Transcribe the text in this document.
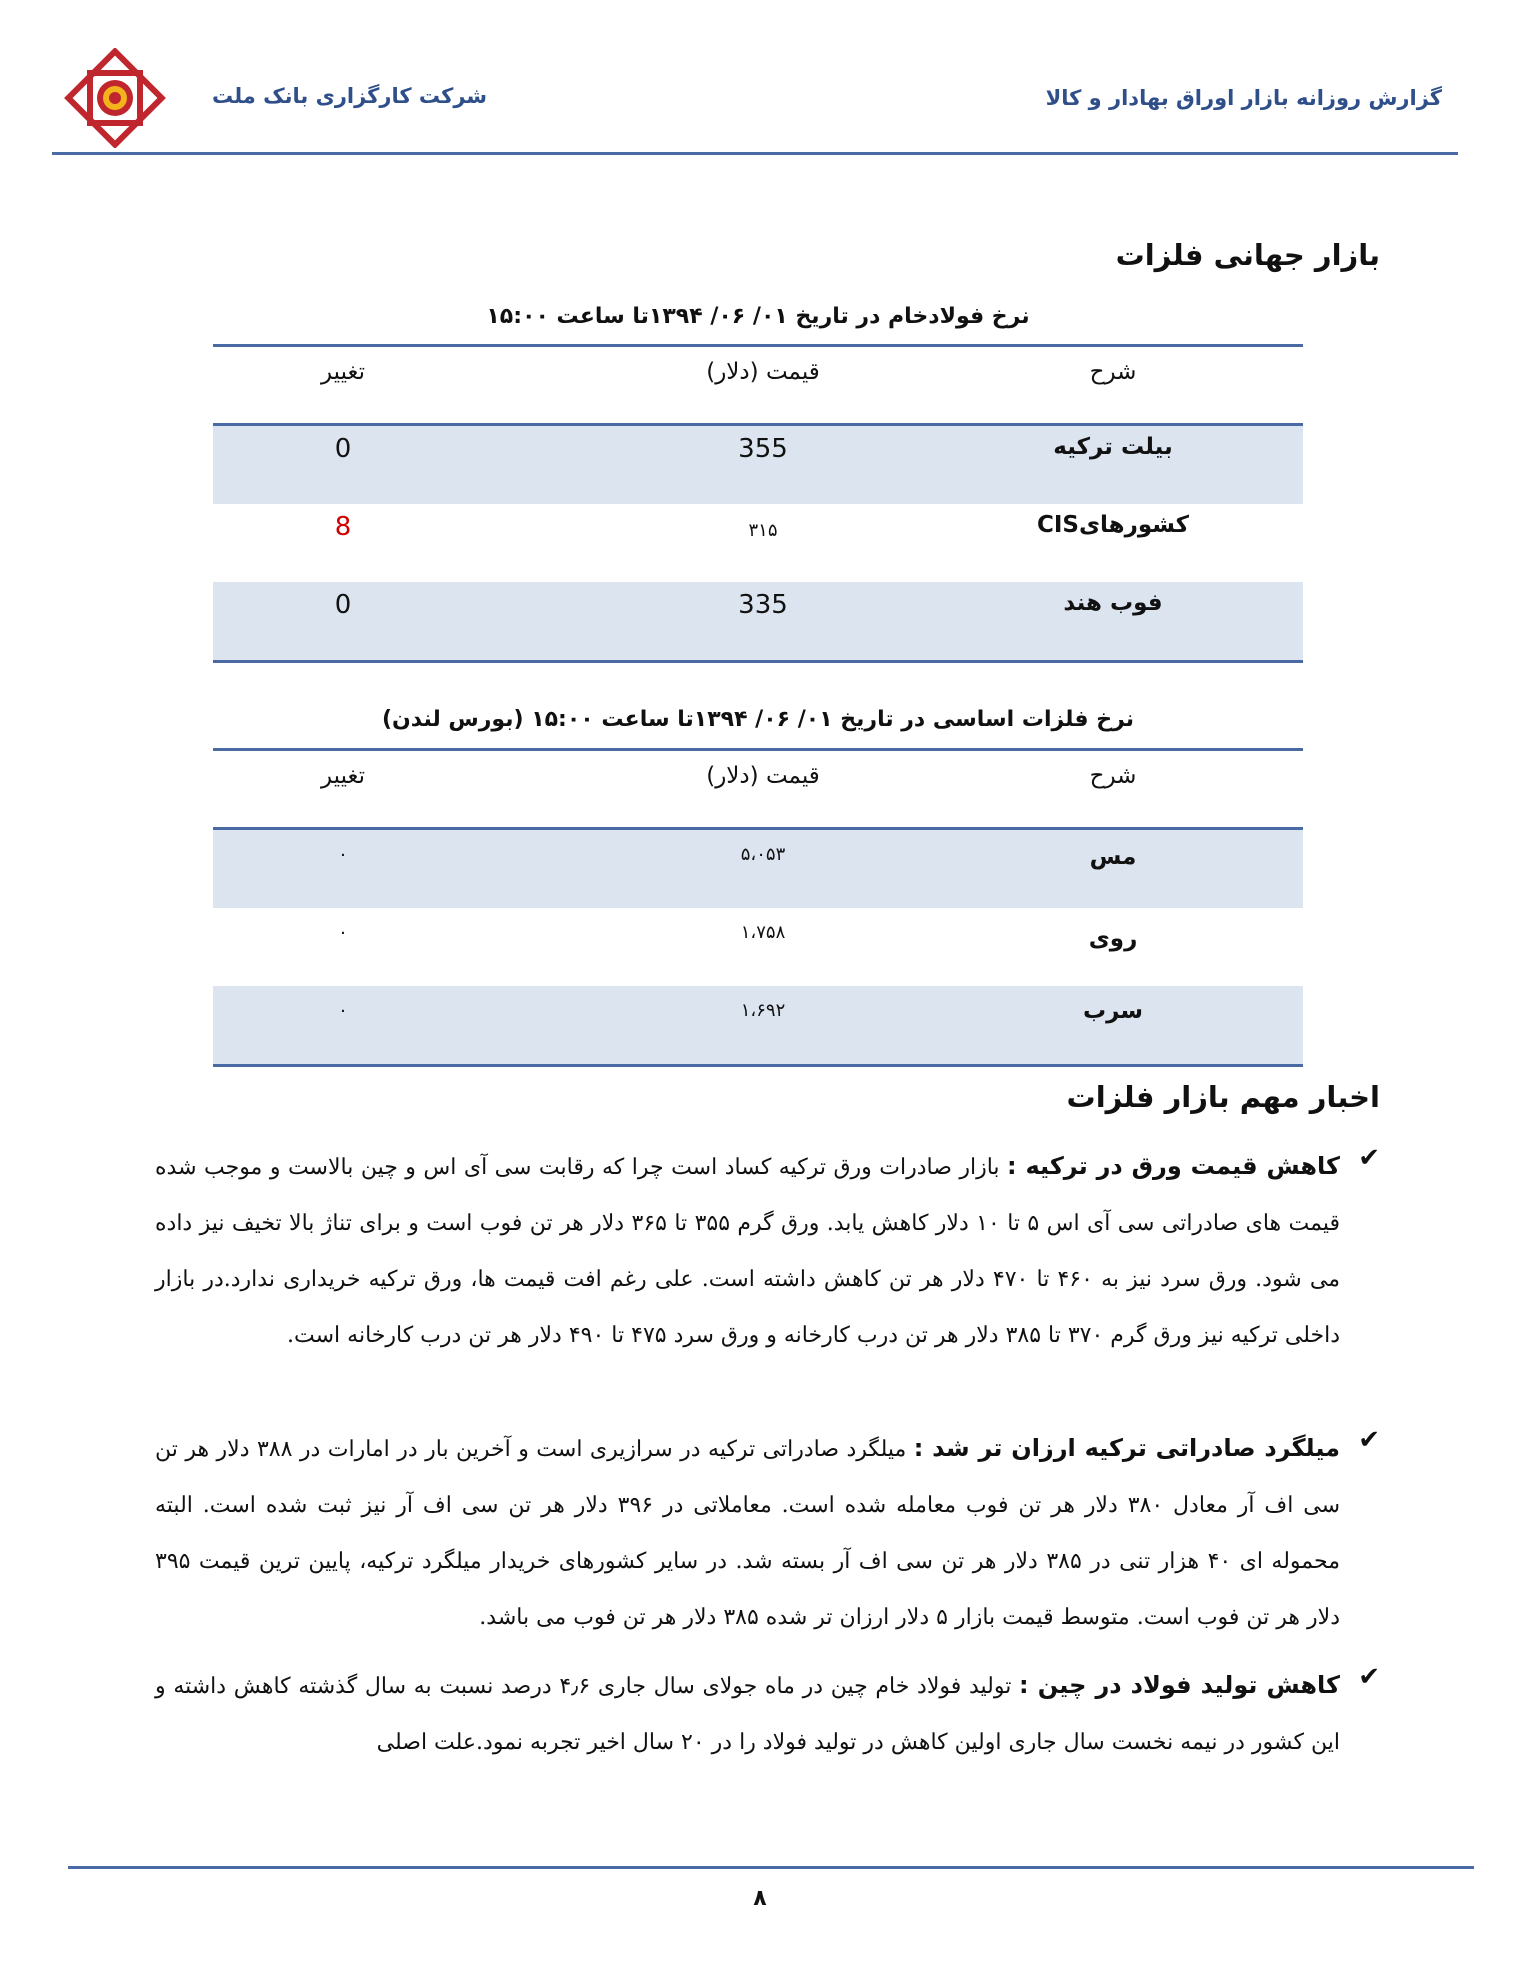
شرکت کارگزاری بانک ملت	گزارش روزانه بازار اوراق بهادار و کالا
بازار جهانی فلزات
نرخ فولادخام در تاریخ ۰۱/ ۰۶/ ۱۳۹۴تا ساعت ۱۵:۰۰
شرح
قیمت (دلار)
تغییر
بیلت ترکیه
355
0
کشورهایCIS
۳۱۵
8
فوب هند
335
0
نرخ فلزات اساسی در تاریخ ۰۱/ ۰۶/ ۱۳۹۴تا ساعت ۱۵:۰۰ (بورس لندن)
شرح
قیمت (دلار)
تغییر
مس
۵،۰۵۳
۰
روی
۱،۷۵۸
۰
سرب
۱،۶۹۲
۰
اخبار مهم بازار فلزات
✔
کاهش قیمت ورق در ترکیه : بازار صادرات ورق ترکیه کساد است چرا که رقابت سی آی اس و چین بالاست و موجب شده قیمت های صادراتی سی آی اس ۵ تا ۱۰ دلار کاهش یابد. ورق گرم ۳۵۵ تا ۳۶۵ دلار هر تن فوب است و برای تناژ بالا تخیف نیز داده می شود. ورق سرد نیز به ۴۶۰ تا ۴۷۰ دلار هر تن کاهش داشته است. علی رغم افت قیمت ها، ورق ترکیه خریداری ندارد.در بازار داخلی ترکیه نیز ورق گرم ۳۷۰ تا ۳۸۵ دلار هر تن درب کارخانه و ورق سرد ۴۷۵ تا ۴۹۰ دلار هر تن درب کارخانه است.
✔
میلگرد صادراتی ترکیه ارزان تر شد : میلگرد صادراتی ترکیه در سرازیری است و آخرین بار در امارات در ۳۸۸ دلار هر تن سی اف آر معادل ۳۸۰ دلار هر تن فوب معامله شده است. معاملاتی در ۳۹۶ دلار هر تن سی اف آر نیز ثبت شده است. البته محموله ای ۴۰ هزار تنی در ۳۸۵ دلار هر تن سی اف آر بسته شد. در سایر کشورهای خریدار میلگرد ترکیه، پایین ترین قیمت ۳۹۵ دلار هر تن فوب است. متوسط قیمت بازار ۵ دلار ارزان تر شده ۳۸۵ دلار هر تن فوب می باشد.
✔
کاهش تولید فولاد در چین : تولید فولاد خام چین در ماه جولای سال جاری ۴٫۶ درصد نسبت به سال گذشته کاهش داشته و این کشور در نیمه نخست سال جاری اولین کاهش در تولید فولاد را در ۲۰ سال اخیر تجربه نمود.علت اصلی
۸
